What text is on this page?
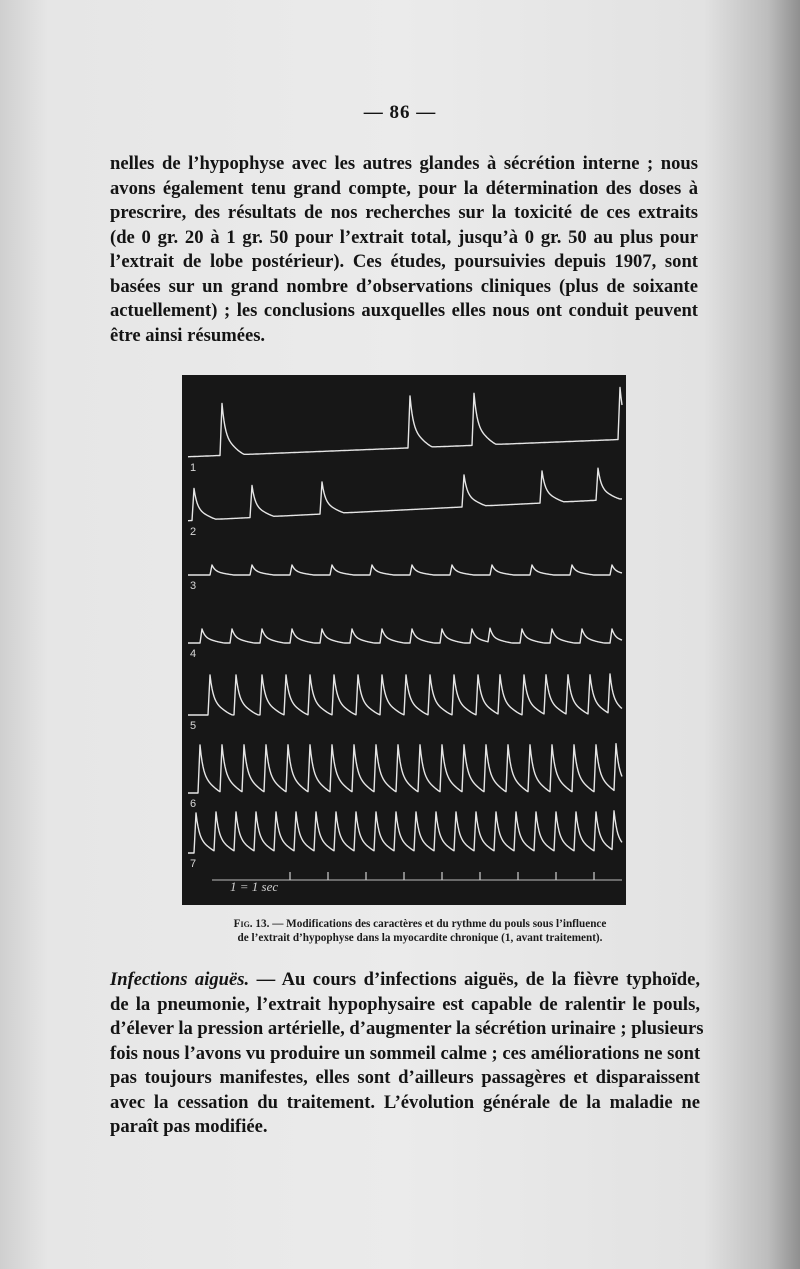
— 86 —

nelles de l’hypophyse avec les autres glandes à sécrétion interne ; nous
avons également tenu grand compte, pour la détermination des doses à
prescrire, des résultats de nos recherches sur la toxicité de ces extraits
(de 0 gr. 20 à 1 gr. 50 pour l’extrait total, jusqu’à 0 gr. 50 au plus pour
l’extrait de lobe postérieur). Ces études, poursuivies depuis 1907, sont
basées sur un grand nombre d’observations cliniques (plus de soixante
actuellement) ; les conclusions auxquelles elles nous ont conduit peuvent
être ainsi résumées.

1
2
3
4
5
6
7
1 = 1 sec
Fig. 13. — Modifications des caractères et du rythme du pouls sous l’influence
de l’extrait d’hypophyse dans la myocardite chronique (1, avant traitement).

Infections aiguës. — Au cours d’infections aiguës, de la fièvre typhoïde,
de la pneumonie, l’extrait hypophysaire est capable de ralentir le pouls,
d’élever la pression artérielle, d’augmenter la sécrétion urinaire ; plusieurs
fois nous l’avons vu produire un sommeil calme ; ces améliorations ne sont
pas toujours manifestes, elles sont d’ailleurs passagères et disparaissent
avec la cessation du traitement. L’évolution générale de la maladie ne
paraît pas modifiée.
